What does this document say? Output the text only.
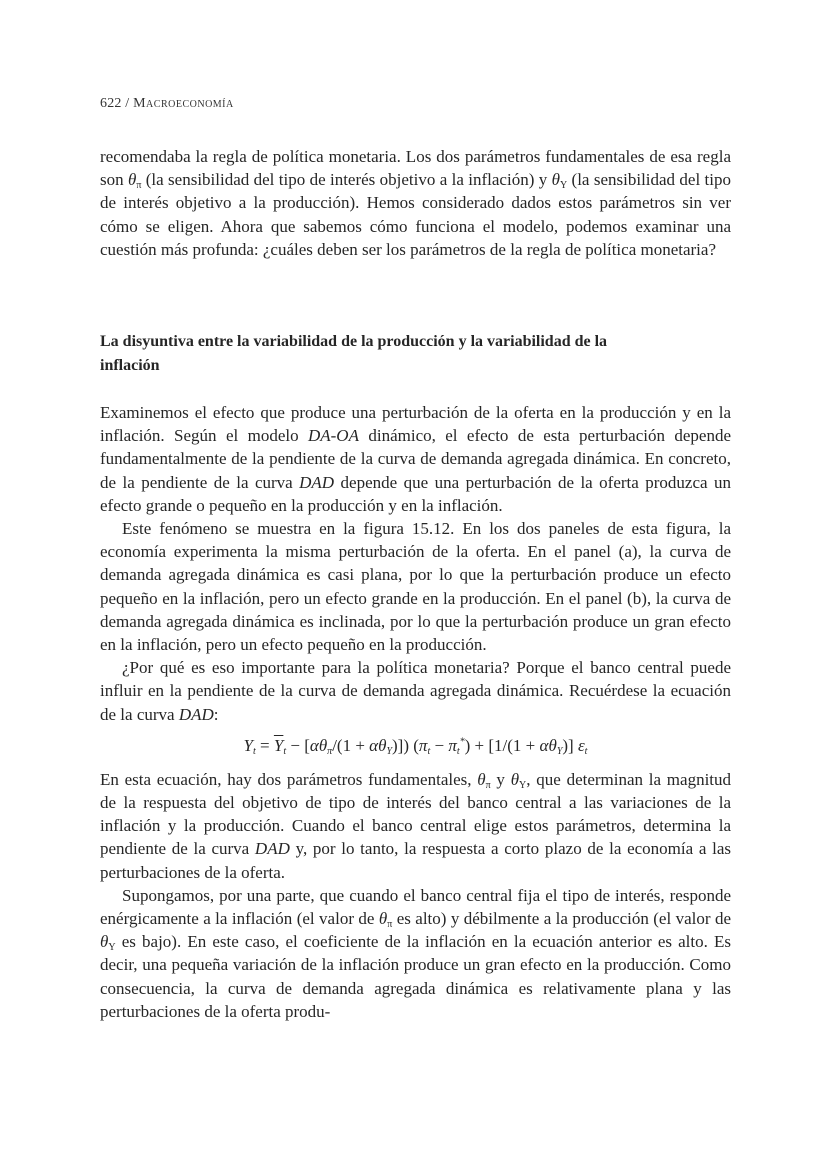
622 / Macroeconomía

recomendaba la regla de política monetaria. Los dos parámetros fundamentales de esa regla son $\theta_\pi$ (la sensibilidad del tipo de interés objetivo a la inflación) y $\theta_Y$ (la sensibilidad del tipo de interés objetivo a la producción). Hemos considerado dados estos parámetros sin ver cómo se eligen. Ahora que sabemos cómo funciona el modelo, podemos examinar una cuestión más profunda: ¿cuáles deben ser los parámetros de la regla de política monetaria?

La disyuntiva entre la variabilidad de la producción y la variabilidad de la inflación

Examinemos el efecto que produce una perturbación de la oferta en la producción y en la inflación. Según el modelo DA-OA dinámico, el efecto de esta perturbación depende fundamentalmente de la pendiente de la curva de demanda agregada dinámica. En concreto, de la pendiente de la curva DAD depende que una perturbación de la oferta produzca un efecto grande o pequeño en la producción y en la inflación.

Este fenómeno se muestra en la figura 15.12. En los dos paneles de esta figura, la economía experimenta la misma perturbación de la oferta. En el panel (a), la curva de demanda agregada dinámica es casi plana, por lo que la perturbación produce un efecto pequeño en la inflación, pero un efecto grande en la producción. En el panel (b), la curva de demanda agregada dinámica es inclinada, por lo que la perturbación produce un gran efecto en la inflación, pero un efecto pequeño en la producción.

¿Por qué es eso importante para la política monetaria? Porque el banco central puede influir en la pendiente de la curva de demanda agregada dinámica. Recuérdese la ecuación de la curva DAD:

$Y_t = \overline{Y}_t - [\alpha\theta_\pi/(1 + \alpha\theta_Y)]$) $(\pi_t - \pi_t^*) + [1/(1 + \alpha\theta_Y)]$ $\varepsilon_t$

En esta ecuación, hay dos parámetros fundamentales, $\theta_\pi$ y $\theta_Y$, que determinan la magnitud de la respuesta del objetivo de tipo de interés del banco central a las variaciones de la inflación y la producción. Cuando el banco central elige estos parámetros, determina la pendiente de la curva DAD y, por lo tanto, la respuesta a corto plazo de la economía a las perturbaciones de la oferta.

Supongamos, por una parte, que cuando el banco central fija el tipo de interés, responde enérgicamente a la inflación (el valor de $\theta_\pi$ es alto) y débilmente a la producción (el valor de $\theta_Y$ es bajo). En este caso, el coeficiente de la inflación en la ecuación anterior es alto. Es decir, una pequeña variación de la inflación produce un gran efecto en la producción. Como consecuencia, la curva de demanda agregada dinámica es relativamente plana y las perturbaciones de la oferta produ-
